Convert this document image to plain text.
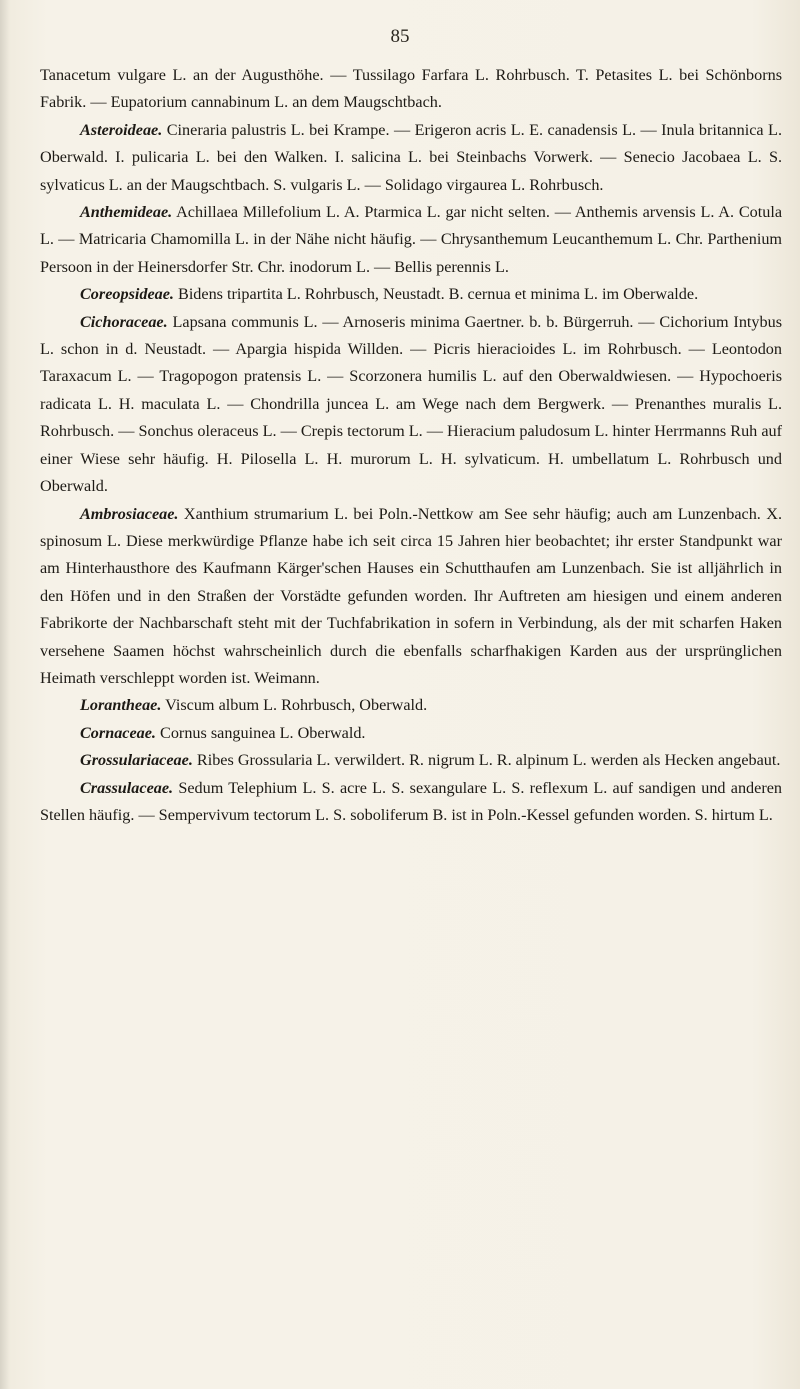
85

Tanacetum vulgare L. an der Augusthöhe. — Tussilago Farfara L. Rohrbusch. T. Petasites L. bei Schönborns Fabrik. — Eupatorium cannabinum L. an dem Maugschtbach.

Asteroideae. Cineraria palustris L. bei Krampe. — Erigeron acris L. E. canadensis L. — Inula britannica L. Oberwald. I. pulicaria L. bei den Walken. I. salicina L. bei Steinbachs Vorwerk. — Senecio Jacobaea L. S. sylvaticus L. an der Maugschtbach. S. vulgaris L. — Solidago virgaurea L. Rohrbusch.

Anthemideae. Achillaea Millefolium L. A. Ptarmica L. gar nicht selten. — Anthemis arvensis L. A. Cotula L. — Matricaria Chamomilla L. in der Nähe nicht häufig. — Chrysanthemum Leucanthemum L. Chr. Parthenium Persoon in der Heinersdorfer Str. Chr. inodorum L. — Bellis perennis L.

Coreopsideae. Bidens tripartita L. Rohrbusch, Neustadt. B. cernua et minima L. im Oberwalde.

Cichoraceae. Lapsana communis L. — Arnoseris minima Gaertner. b. b. Bürgerruh. — Cichorium Intybus L. schon in d. Neustadt. — Apargia hispida Willden. — Picris hieracioides L. im Rohrbusch. — Leontodon Taraxacum L. — Tragopogon pratensis L. — Scorzonera humilis L. auf den Oberwaldwiesen. — Hypochoeris radicata L. H. maculata L. — Chondrilla juncea L. am Wege nach dem Bergwerk. — Prenanthes muralis L. Rohrbusch. — Sonchus oleraceus L. — Crepis tectorum L. — Hieracium paludosum L. hinter Herrmanns Ruh auf einer Wiese sehr häufig. H. Pilosella L. H. murorum L. H. sylvaticum. H. umbellatum L. Rohrbusch und Oberwald.

Ambrosiaceae. Xanthium strumarium L. bei Poln.-Nettkow am See sehr häufig; auch am Lunzenbach. X. spinosum L. Diese merkwürdige Pflanze habe ich seit circa 15 Jahren hier beobachtet; ihr erster Standpunkt war am Hinterhausthore des Kaufmann Kärger'schen Hauses ein Schutthaufen am Lunzenbach. Sie ist alljährlich in den Höfen und in den Straßen der Vorstädte gefunden worden. Ihr Auftreten am hiesigen und einem anderen Fabrikorte der Nachbarschaft steht mit der Tuchfabrikation in sofern in Verbindung, als der mit scharfen Haken versehene Saamen höchst wahrscheinlich durch die ebenfalls scharfhakigen Karden aus der ursprünglichen Heimath verschleppt worden ist. Weimann.

Loranthеae. Viscum album L. Rohrbusch, Oberwald.

Cornaceae. Cornus sanguinea L. Oberwald.

Grossulariaceae. Ribes Grossularia L. verwildert. R. nigrum L. R. alpinum L. werden als Hecken angebaut.

Crassulaceae. Sedum Telephium L. S. acre L. S. sexangulare L. S. reflexum L. auf sandigen und anderen Stellen häufig. — Sempervivum tectorum L. S. soboliferum B. ist in Poln.-Kessel gefunden worden. S. hirtum L.
